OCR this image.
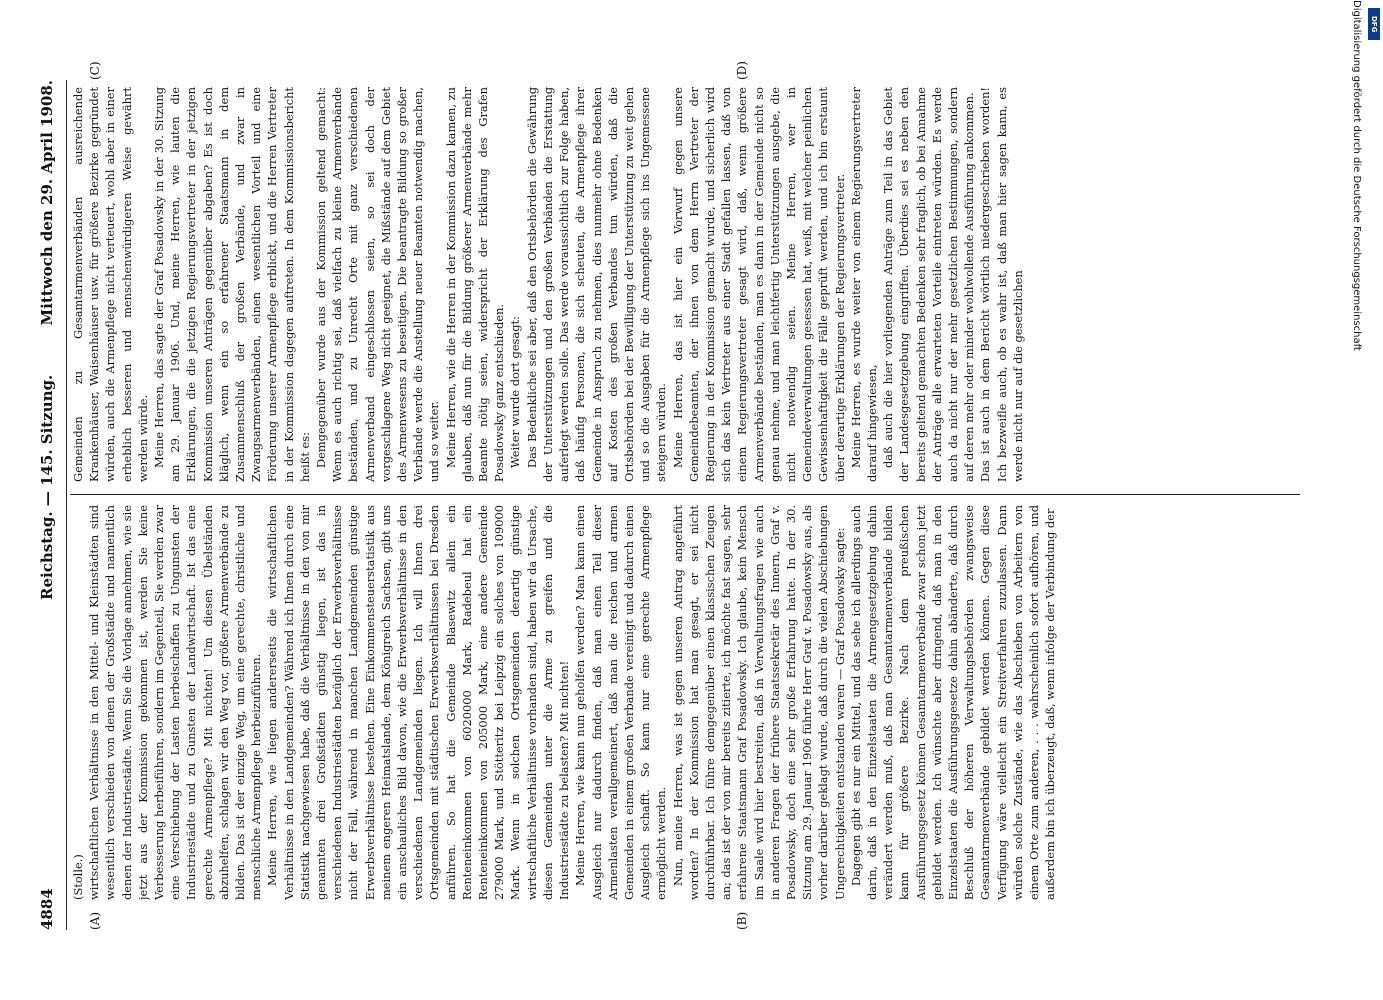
4884
Reichstag. — 145. Sitzung.
Mittwoch den 29. April 1908.
(A)	(B)
(C)	(D)

(Stolle.) wirtschaftlichen Verhältnisse in den Mittel- und Kleinstädten sind wesentlich verschieden von denen der Großstädte und namentlich denen der Industriestädte. Wenn Sie die Vorlage annehmen, wie sie jetzt aus der Kommission gekommen ist, werden Sie keine Verbesserung herbeiführen, sondern im Gegenteil, Sie werden zwar eine Verschiebung der Lasten herbeischaffen zu Ungunsten der Industriestädte und zu Gunsten der Landwirtschaft. Ist das eine gerechte Armenpflege? Mit nichten! Um diesen Übelständen abzuhelfen, schlagen wir den Weg vor, größere Armenverbände zu bilden. Das ist der einzige Weg, um eine gerechte, christliche und menschliche Armenpflege herbeizuführen. Meine Herren, wie liegen andererseits die wirtschaftlichen Verhältnisse in den Landgemeinden? Während ich Ihnen durch eine Statistik nachgewiesen habe, daß die Verhältnisse in den von mir genannten drei Großstädten günstig liegen, ist das in verschiedenen Industriestädten bezüglich der Erwerbsverhältnisse nicht der Fall, während in manchen Landgemeinden günstige Erwerbsverhältnisse bestehen. Eine Einkommensteuerstatistik aus meinem engeren Heimatslande, dem Königreich Sachsen, gibt uns ein anschauliches Bild davon, wie die Erwerbsverhältnisse in den verschiedenen Landgemeinden liegen. Ich will Ihnen drei Ortsgemeinden mit städtischen Erwerbsverhältnissen bei Dresden anführen. So hat die Gemeinde Blasewitz allein ein Renteneinkommen von 6020000 Mark, Radebeul hat ein Renteneinkommen von 205000 Mark, eine andere Gemeinde 279000 Mark, und Stötteritz bei Leipzig ein solches von 109000 Mark. Wenn in solchen Ortsgemeinden derartig günstige wirtschaftliche Verhältnisse vorhanden sind, haben wir da Ursache, diesen Gemeinden unter die Arme zu greifen und die Industriestädte zu belasten? Mit nichten! Meine Herren, wie kann nun geholfen werden? Man kann einen Ausgleich nur dadurch finden, daß man einen Teil dieser Armenlasten verallgemeinert, daß man die reichen und armen Gemeinden in einem großen Verbande vereinigt und dadurch einen Ausgleich schafft. So kann nur eine gerechte Armenpflege ermöglicht werden. Nun, meine Herren, was ist gegen unseren Antrag angeführt worden? In der Kommission hat man gesagt, er sei nicht durchführbar. Ich führe demgegenüber einen klassischen Zeugen an; das ist der von mir bereits zitierte, ich möchte fast sagen, sehr erfahrene Staatsmann Graf Posadowsky. Ich glaube, kein Mensch im Saale wird hier bestreiten, daß in Verwaltungsfragen wie auch in anderen Fragen der frühere Staatssekretär des Innern, Graf v. Posadowsky, doch eine sehr große Erfahrung hatte. In der 30. Sitzung am 29. Januar 1906 führte Herr Graf v. Posadowsky aus, als vorher darüber geklagt wurde, daß durch die vielen Abschiebungen Ungerechtigkeiten entstanden waren — Graf Posadowsky sagte: Dagegen gibt es nur ein Mittel, und das sehe ich allerdings auch darin, daß in den Einzelstaaten die Armengesetzgebung dahin verändert werden muß, daß man Gesamtarmenverbände bilden kann für größere Bezirke. Nach dem preußischen Ausführungsgesetz können Gesamtarmenverbände zwar schon jetzt gebildet werden. Ich wünschte aber dringend, daß man in den Einzelstaaten die Ausführungsgesetze dahin abänderte, daß durch Beschluß der höheren Verwaltungsbehörden zwangsweise Gesamtarmenverbände gebildet werden können. Gegen diese Verfügung wäre vielleicht ein Streitverfahren zuzulassen. Dann würden solche Zustände, wie das Abschieben von Arbeitern von einem Orte zum anderen, . . . wahrscheinlich sofort aufhören, und außerdem bin ich überzeugt, daß, wenn infolge der Verbindung der

Gemeinden zu Gesamtarmenverbänden ausreichende Krankenhäuser, Waisenhäuser usw. für größere Bezirke gegründet würden, auch die Armenpflege nicht verteuert, wohl aber in einer erheblich besseren und menschenwürdigeren Weise gewährt werden würde. Meine Herren, das sagte der Graf Posadowsky in der 30. Sitzung am 29. Januar 1906. Und, meine Herren, wie lauten die Erklärungen, die die jetzigen Regierungsvertreter in der jetzigen Kommission unseren Anträgen gegenüber abgaben? Es ist doch kläglich, wenn ein so erfahrener Staatsmann in dem Zusammenschluß der großen Verbände, und zwar in Zwangsarmenverbänden, einen wesentlichen Vorteil und eine Förderung unserer Armenpflege erblickt, und die Herren Vertreter in der Kommission dagegen auftreten. In dem Kommissionsbericht heißt es: Demgegenüber wurde aus der Kommission geltend gemacht: Wenn es auch richtig sei, daß vielfach zu kleine Armenverbände beständen, und zu Unrecht Orte mit ganz verschiedenen Armenverband eingeschlossen seien, so sei doch der vorgeschlagene Weg nicht geeignet, die Mißstände auf dem Gebiet des Armenwesens zu beseitigen. Die beantragte Bildung so großer Verbände werde die Anstellung neuer Beamten notwendig machen, und so weiter. Meine Herren, wie die Herren in der Kommission dazu kamen, zu glauben, daß nun für die Bildung größerer Armenverbände mehr Beamte nötig seien, widerspricht der Erklärung des Grafen Posadowsky ganz entschieden. Weiter wurde dort gesagt: Das Bedenkliche sei aber, daß den Ortsbehörden die Gewährung der Unterstützungen und den großen Verbänden die Erstattung auferlegt werden solle. Das werde voraussichtlich zur Folge haben, daß häufig Personen, die sich scheuten, die Armenpflege ihrer Gemeinde in Anspruch zu nehmen, dies nunmehr ohne Bedenken auf Kosten des großen Verbandes tun würden, daß die Ortsbehörden bei der Bewilligung der Unterstützung zu weit gehen und so die Ausgaben für die Armenpflege sich ins Ungemessene steigern würden. Meine Herren, das ist hier ein Vorwurf gegen unsere Gemeindebeamten, der ihnen von dem Herrn Vertreter der Regierung in der Kommission gemacht wurde, und sicherlich wird sich das kein Vertreter aus einer Stadt gefallen lassen, daß von einem Regierungsvertreter gesagt wird, daß, wenn größere Armenverbände beständen, man es dann in der Gemeinde nicht so genau nehme, und man leichtfertig Unterstützungen ausgebe, die nicht notwendig seien. Meine Herren, wer in Gemeindeverwaltungen gesessen hat, weiß, mit welcher peinlichen Gewissenhaftigkeit die Fälle geprüft werden, und ich bin erstaunt über derartige Erklärungen der Regierungsvertreter. Meine Herren, es wurde weiter von einem Regierungsvertreter darauf hingewiesen, daß auch die hier vorliegenden Anträge zum Teil in das Gebiet der Landesgesetzgebung eingriffen. Überdies sei es neben den bereits geltend gemachten Bedenken sehr fraglich, ob bei Annahme der Anträge alle erwarteten Vorteile eintreten würden. Es werde auch da nicht nur der mehr gesetzlichen Bestimmungen, sondern auf deren mehr oder minder wohlwollende Ausführung ankommen. Das ist auch in dem Bericht wörtlich niedergeschrieben worden! Ich bezweifle auch, ob es wahr ist, daß man hier sagen kann, es werde nicht nur auf die gesetzlichen

Digitalisierung gefördert durch die Deutsche Forschungsgemeinschaft DFG
